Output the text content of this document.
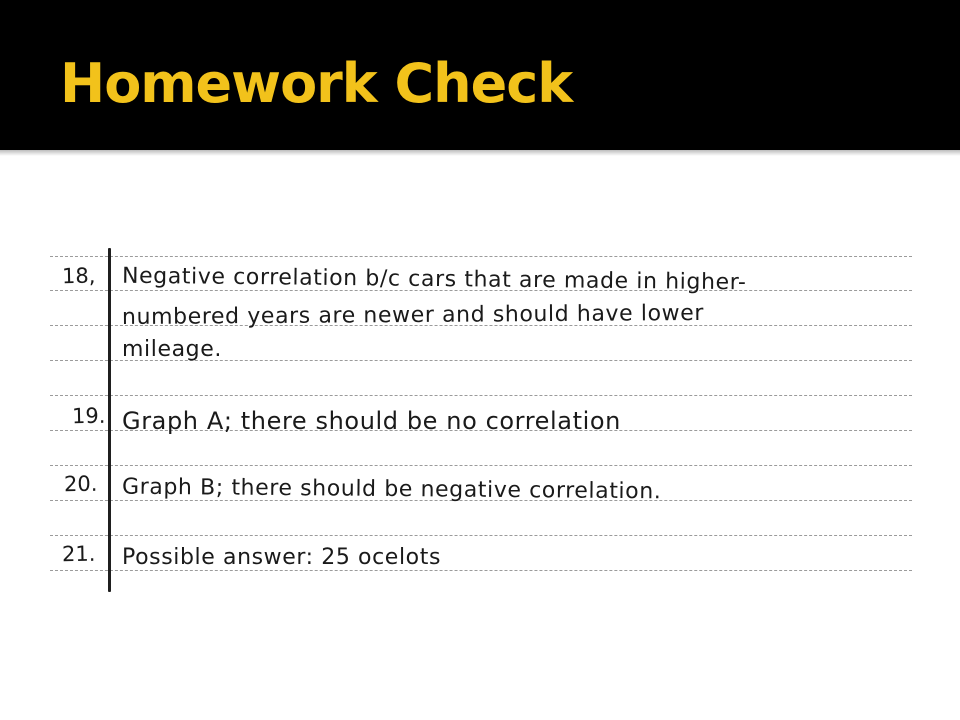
Homework Check
18, Negative correlation b/c cars that are made in higher-
numbered years are newer and should have lower
mileage.
19. Graph A; there should be no correlation
20. Graph B; there should be negative correlation.
21. Possible answer: 25 ocelots
